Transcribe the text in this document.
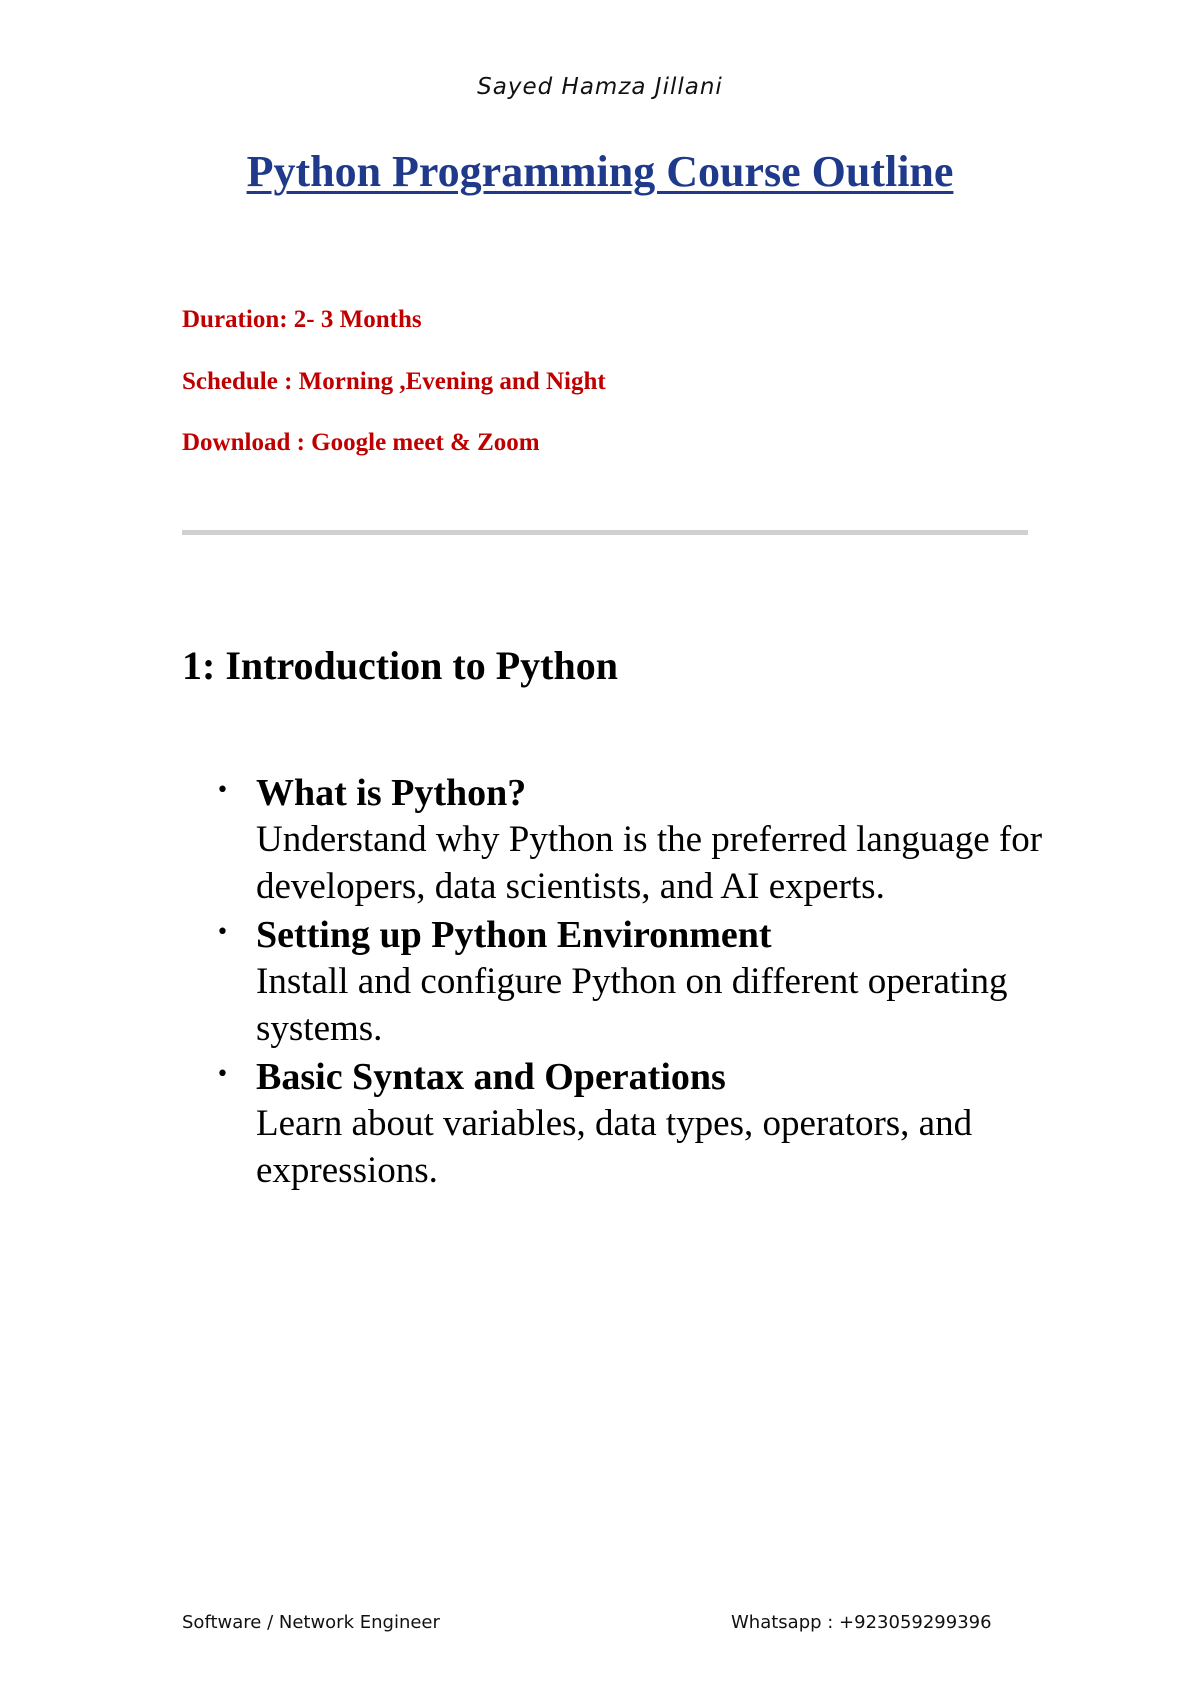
Sayed Hamza Jillani
Python Programming Course Outline
Duration: 2- 3 Months
Schedule : Morning ,Evening and Night
Download : Google meet & Zoom
1: Introduction to Python
• What is Python?
Understand why Python is the preferred language for developers, data scientists, and AI experts.
• Setting up Python Environment
Install and configure Python on different operating systems.
• Basic Syntax and Operations
Learn about variables, data types, operators, and expressions.
Software / Network Engineer	Whatsapp : +923059299396
